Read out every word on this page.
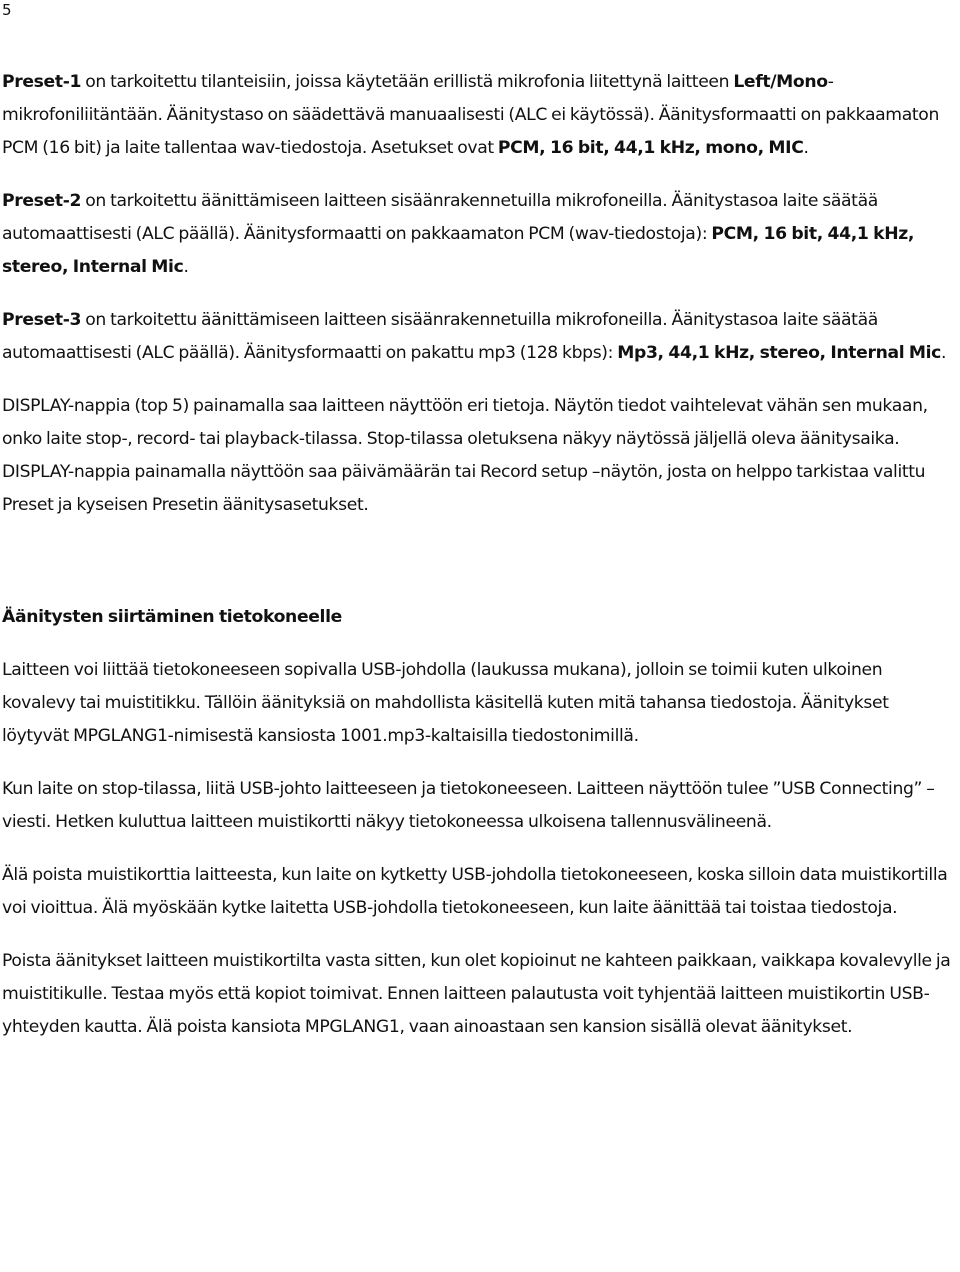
5

Preset-1 on tarkoitettu tilanteisiin, joissa käytetään erillistä mikrofonia liitettynä laitteen Left/Mono-mikrofoniliitäntään. Äänitystaso on säädettävä manuaalisesti (ALC ei käytössä). Äänitysformaatti on pakkaamaton PCM (16 bit) ja laite tallentaa wav-tiedostoja. Asetukset ovat PCM, 16 bit, 44,1 kHz, mono, MIC.

Preset-2 on tarkoitettu äänittämiseen laitteen sisäänrakennetuilla mikrofoneilla. Äänitystasoa laite säätää automaattisesti (ALC päällä). Äänitysformaatti on pakkaamaton PCM (wav-tiedostoja): PCM, 16 bit, 44,1 kHz, stereo, Internal Mic.

Preset-3 on tarkoitettu äänittämiseen laitteen sisäänrakennetuilla mikrofoneilla. Äänitystasoa laite säätää automaattisesti (ALC päällä). Äänitysformaatti on pakattu mp3 (128 kbps): Mp3, 44,1 kHz, stereo, Internal Mic.

DISPLAY-nappia (top 5) painamalla saa laitteen näyttöön eri tietoja. Näytön tiedot vaihtelevat vähän sen mukaan, onko laite stop-, record- tai playback-tilassa. Stop-tilassa oletuksena näkyy näytössä jäljellä oleva äänitysaika. DISPLAY-nappia painamalla näyttöön saa päivämäärän tai Record setup –näytön, josta on helppo tarkistaa valittu Preset ja kyseisen Presetin äänitysasetukset.

Äänitysten siirtäminen tietokoneelle

Laitteen voi liittää tietokoneeseen sopivalla USB-johdolla (laukussa mukana), jolloin se toimii kuten ulkoinen kovalevy tai muistitikku. Tällöin äänityksiä on mahdollista käsitellä kuten mitä tahansa tiedostoja. Äänitykset löytyvät MPGLANG1-nimisestä kansiosta 1001.mp3-kaltaisilla tiedostonimillä.

Kun laite on stop-tilassa, liitä USB-johto laitteeseen ja tietokoneeseen. Laitteen näyttöön tulee ”USB Connecting” –viesti. Hetken kuluttua laitteen muistikortti näkyy tietokoneessa ulkoisena tallennusvälineenä.

Älä poista muistikorttia laitteesta, kun laite on kytketty USB-johdolla tietokoneeseen, koska silloin data muistikortilla voi vioittua. Älä myöskään kytke laitetta USB-johdolla tietokoneeseen, kun laite äänittää tai toistaa tiedostoja.

Poista äänitykset laitteen muistikortilta vasta sitten, kun olet kopioinut ne kahteen paikkaan, vaikkapa kovalevylle ja muistitikulle. Testaa myös että kopiot toimivat. Ennen laitteen palautusta voit tyhjentää laitteen muistikortin USB-yhteyden kautta. Älä poista kansiota MPGLANG1, vaan ainoastaan sen kansion sisällä olevat äänitykset.
